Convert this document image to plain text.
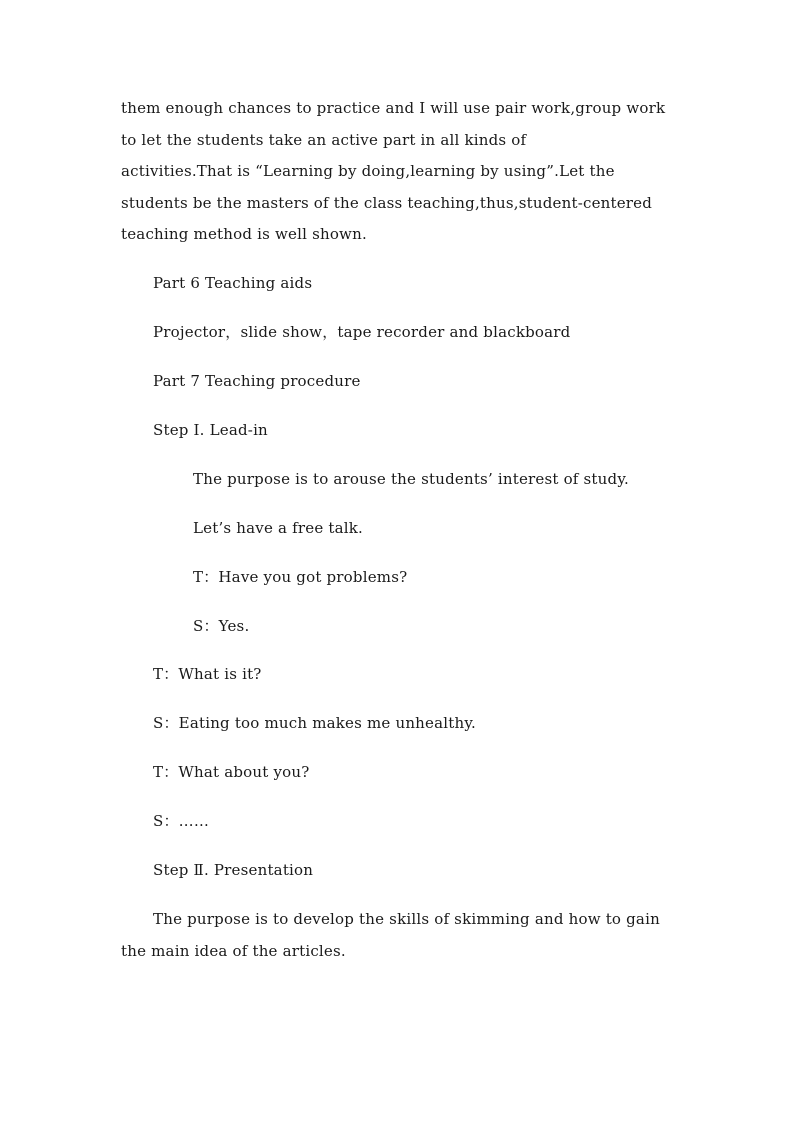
them enough chances to practice and I will use pair work,group work
to let the students take an active part in all kinds of
activities.That is “Learning by doing,learning by using”.Let the
students be the masters of the class teaching,thus,student-centered
teaching method is well shown.
Part 6 Teaching aids
Projector，slide show，tape recorder and blackboard
Part 7 Teaching procedure
Step Ⅰ. Lead-in
The purpose is to arouse the students’ interest of study.
Let’s have a free talk.
T：Have you got problems?
S：Yes.
T：What is it?
S：Eating too much makes me unhealthy.
T：What about you?
S：……
Step Ⅱ. Presentation
The purpose is to develop the skills of skimming and how to gain
the main idea of the articles.
